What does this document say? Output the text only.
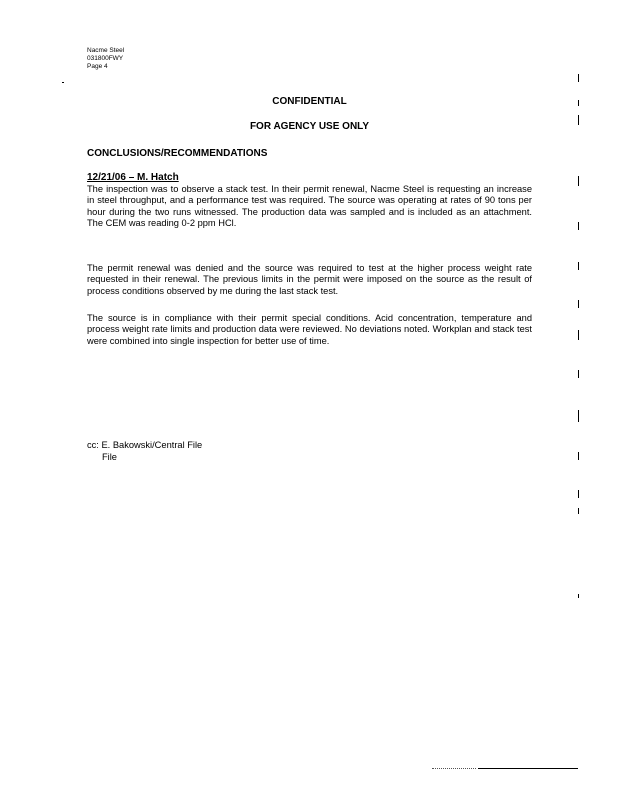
Nacme Steel
031800FWY
Page 4
CONFIDENTIAL
FOR AGENCY USE ONLY
CONCLUSIONS/RECOMMENDATIONS
12/21/06 – M. Hatch
The inspection was to observe a stack test. In their permit renewal, Nacme Steel is requesting an increase in steel throughput, and a performance test was required. The source was operating at rates of 90 tons per hour during the two runs witnessed. The production data was sampled and is included as an attachment. The CEM was reading 0-2 ppm HCl.
The permit renewal was denied and the source was required to test at the higher process weight rate requested in their renewal. The previous limits in the permit were imposed on the source as the result of process conditions observed by me during the last stack test.
The source is in compliance with their permit special conditions. Acid concentration, temperature and process weight rate limits and production data were reviewed. No deviations noted. Workplan and stack test were combined into single inspection for better use of time.
cc: E. Bakowski/Central File
File
